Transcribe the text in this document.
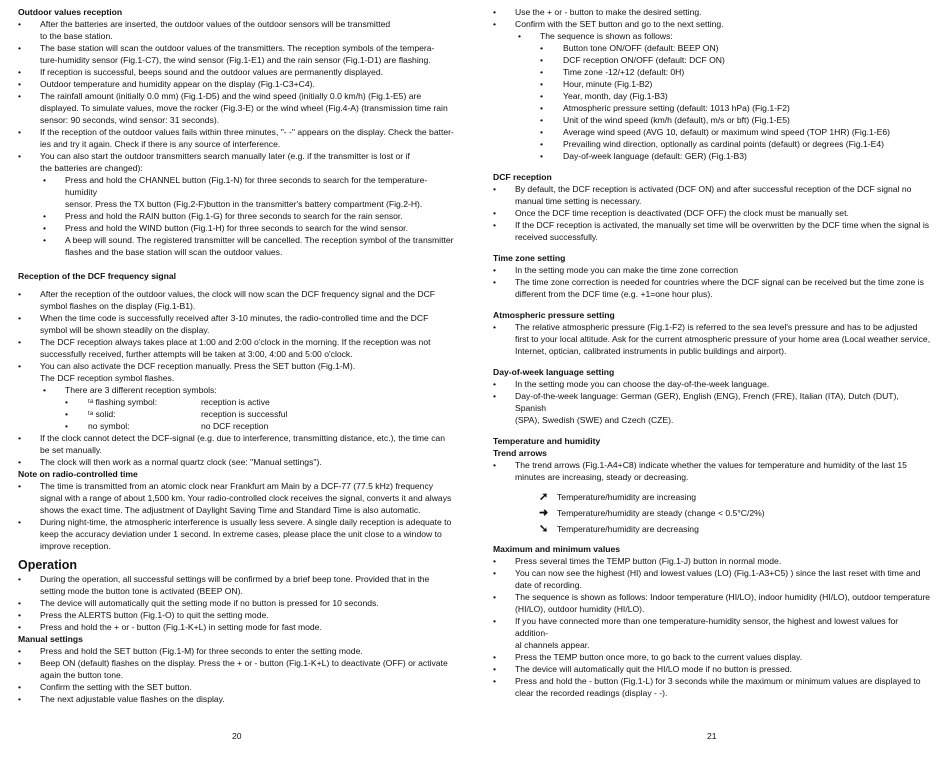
Outdoor values reception
• After the batteries are inserted, the outdoor values of the outdoor sensors will be transmitted
to the base station.
• The base station will scan the outdoor values of the transmitters. The reception symbols of the tempera-
ture-humidity sensor (Fig.1-C7), the wind sensor (Fig.1-E1) and the rain sensor (Fig.1-D1) are flashing.
• If reception is successful, beeps sound and the outdoor values are permanently displayed.
• Outdoor temperature and humidity appear on the display (Fig.1-C3+C4).
• The rainfall amount (initially 0.0 mm) (Fig.1-D5) and the wind speed (initially 0.0 km/h) (Fig.1-E5) are
displayed. To simulate values, move the rocker (Fig.3-E) or the wind wheel (Fig.4-A) (transmission time rain
sensor: 90 seconds, wind sensor: 31 seconds).
• If the reception of the outdoor values fails within three minutes, "- -" appears on the display. Check the batter-
ies and try it again. Check if there is any source of interference.
• You can also start the outdoor transmitters search manually later (e.g. if the transmitter is lost or if
the batteries are changed):
• Press and hold the CHANNEL button (Fig.1-N) for three seconds to search for the temperature-humidity
sensor. Press the TX button (Fig.2-F)button in the transmitter's battery compartment (Fig.2-H).
• Press and hold the RAIN button (Fig.1-G) for three seconds to search for the rain sensor.
• Press and hold the WIND button (Fig.1-H) for three seconds to search for the wind sensor.
• A beep will sound. The registered transmitter will be cancelled. The reception symbol of the transmitter
flashes and the base station will scan the outdoor values.
Reception of the DCF frequency signal
• After the reception of the outdoor values, the clock will now scan the DCF frequency signal and the DCF
symbol flashes on the display (Fig.1-B1).
• When the time code is successfully received after 3-10 minutes, the radio-controlled time and the DCF
symbol will be shown steadily on the display.
• The DCF reception always takes place at 1:00 and 2:00 o'clock in the morning. If the reception was not
successfully received, further attempts will be taken at 3:00, 4:00 and 5:00 o'clock.
• You can also activate the DCF reception manually. Press the SET button (Fig.1-M).
The DCF reception symbol flashes.
• There are 3 different reception symbols:
• ᵗᵃ flashing symbol:	reception is active
• ᵗᵃ solid:	reception is successful
• no symbol:	no DCF reception
• If the clock cannot detect the DCF-signal (e.g. due to interference, transmitting distance, etc.), the time can
be set manually.
• The clock will then work as a normal quartz clock (see: "Manual settings").
Note on radio-controlled time
• The time is transmitted from an atomic clock near Frankfurt am Main by a DCF-77 (77.5 kHz) frequency
signal with a range of about 1,500 km. Your radio-controlled clock receives the signal, converts it and always
shows the exact time. The adjustment of Daylight Saving Time and Standard Time is also automatic.
• During night-time, the atmospheric interference is usually less severe. A single daily reception is adequate to
keep the accuracy deviation under 1 second. In extreme cases, please place the unit close to a window to
improve reception.
Operation
• During the operation, all successful settings will be confirmed by a brief beep tone. Provided that in the
setting mode the button tone is activated (BEEP ON).
• The device will automatically quit the setting mode if no button is pressed for 10 seconds.
• Press the ALERTS button (Fig.1-O) to quit the setting mode.
• Press and hold the + or - button (Fig.1-K+L) in setting mode for fast mode.
Manual settings
• Press and hold the SET button (Fig.1-M) for three seconds to enter the setting mode.
• Beep ON (default) flashes on the display. Press the + or - button (Fig.1-K+L) to deactivate (OFF) or activate
again the button tone.
• Confirm the setting with the SET button.
• The next adjustable value flashes on the display.
• Use the + or - button to make the desired setting.
• Confirm with the SET button and go to the next setting.
• The sequence is shown as follows:
• Button tone ON/OFF (default: BEEP ON)
• DCF reception ON/OFF (default: DCF ON)
• Time zone -12/+12 (default: 0H)
• Hour, minute (Fig.1-B2)
• Year, month, day (Fig.1-B3)
• Atmospheric pressure setting (default: 1013 hPa) (Fig.1-F2)
• Unit of the wind speed (km/h (default), m/s or bft) (Fig.1-E5)
• Average wind speed (AVG 10, default) or maximum wind speed (TOP 1HR) (Fig.1-E6)
• Prevailing wind direction, optionally as cardinal points (default) or degrees (Fig.1-E4)
• Day-of-week language (default: GER) (Fig.1-B3)
DCF reception
• By default, the DCF reception is activated (DCF ON) and after successful reception of the DCF signal no
manual time setting is necessary.
• Once the DCF time reception is deactivated (DCF OFF) the clock must be manually set.
• If the DCF reception is activated, the manually set time will be overwritten by the DCF time when the signal is
received successfully.
Time zone setting
• In the setting mode you can make the time zone correction
• The time zone correction is needed for countries where the DCF signal can be received but the time zone is
different from the DCF time (e.g. +1=one hour plus).
Atmospheric pressure setting
• The relative atmospheric pressure (Fig.1-F2) is referred to the sea level's pressure and has to be adjusted
first to your local altitude. Ask for the current atmospheric pressure of your home area (Local weather service,
Internet, optician, calibrated instruments in public buildings and airport).
Day-of-week language setting
• In the setting mode you can choose the day-of-the-week language.
• Day-of-the-week language: German (GER), English (ENG), French (FRE), Italian (ITA), Dutch (DUT), Spanish
(SPA), Swedish (SWE) and Czech (CZE).
Temperature and humidity
Trend arrows
• The trend arrows (Fig.1-A4+C8) indicate whether the values for temperature and humidity of the last 15
minutes are increasing, steady or decreasing.
➚ Temperature/humidity are increasing
➜ Temperature/humidity are steady (change < 0.5°C/2%)
➘ Temperature/humidity are decreasing
Maximum and minimum values
• Press several times the TEMP button (Fig.1-J) button in normal mode.
• You can now see the highest (HI) and lowest values (LO) (Fig.1-A3+C5) ) since the last reset with time and
date of recording.
• The sequence is shown as follows: Indoor temperature (HI/LO), indoor humidity (HI/LO), outdoor temperature
(HI/LO), outdoor humidity (HI/LO).
• If you have connected more than one temperature-humidity sensor, the highest and lowest values for addition-
al channels appear.
• Press the TEMP button once more, to go back to the current values display.
• The device will automatically quit the HI/LO mode if no button is pressed.
• Press and hold the - button (Fig.1-L) for 3 seconds while the maximum or minimum values are displayed to
clear the recorded readings (display - -).
20	21
